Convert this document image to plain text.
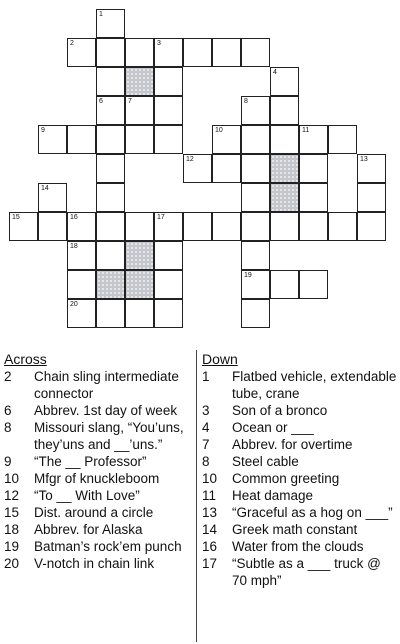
1
2	3
4
6	7	8
9	10	11
12	13
14
15	16	17
18
19
20
Across
2	Chain sling intermediate connector
6	Abbrev. 1st day of week
8	Missouri slang, “You’uns, they’uns and __’uns.”
9	“The __ Professor”
10	Mfgr of knuckleboom
12	“To __ With Love”
15	Dist. around a circle
18	Abbrev. for Alaska
19	Batman’s rock’em punch
20	V-notch in chain link
Down
1	Flatbed vehicle, extendable tube, crane
3	Son of a bronco
4	Ocean or ___
7	Abbrev. for overtime
8	Steel cable
10	Common greeting
11	Heat damage
13	“Graceful as a hog on ___”
14	Greek math constant
16	Water from the clouds
17	“Subtle as a ___ truck @ 70 mph”
